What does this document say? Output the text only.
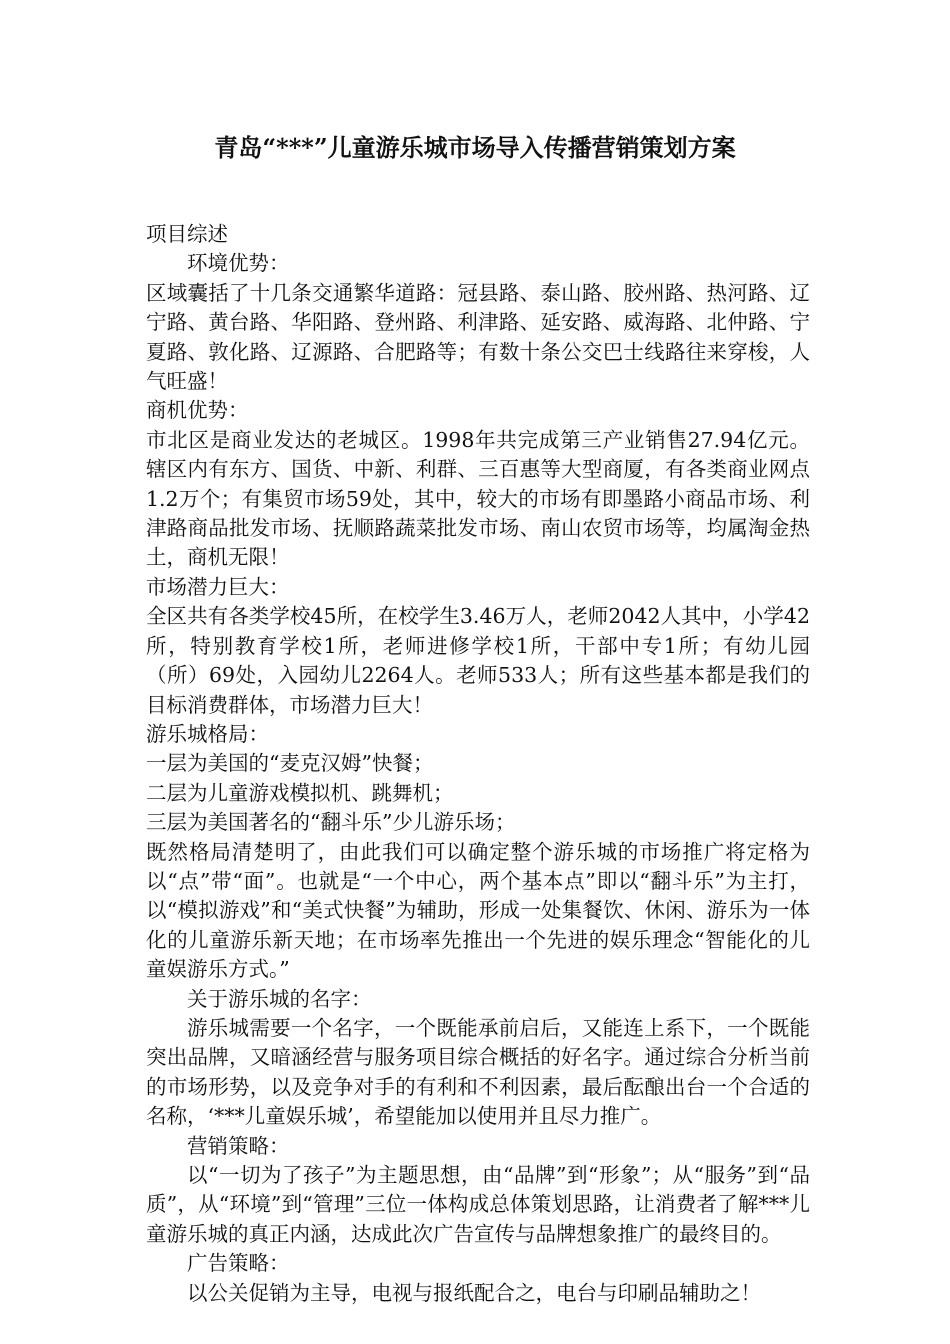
青岛“***”儿童游乐城市场导入传播营销策划方案

项目综述

环境优势：

区域囊括了十几条交通繁华道路：冠县路、泰山路、胶州路、热河路、辽宁路、黄台路、华阳路、登州路、利津路、延安路、威海路、北仲路、宁夏路、敦化路、辽源路、合肥路等；有数十条公交巴士线路往来穿梭，人气旺盛！

商机优势：

市北区是商业发达的老城区。1998年共完成第三产业销售27.94亿元。辖区内有东方、国货、中新、利群、三百惠等大型商厦，有各类商业网点1.2万个；有集贸市场59处，其中，较大的市场有即墨路小商品市场、利津路商品批发市场、抚顺路蔬菜批发市场、南山农贸市场等，均属淘金热土，商机无限！

市场潜力巨大：

全区共有各类学校45所，在校学生3.46万人，老师2042人其中，小学42所，特别教育学校1所，老师进修学校1所，干部中专1所；有幼儿园（所）69处，入园幼儿2264人。老师533人；所有这些基本都是我们的目标消费群体，市场潜力巨大！

游乐城格局：

一层为美国的“麦克汉姆”快餐；

二层为儿童游戏模拟机、跳舞机；

三层为美国著名的“翻斗乐”少儿游乐场；

既然格局清楚明了，由此我们可以确定整个游乐城的市场推广将定格为以“点”带“面”。也就是“一个中心，两个基本点”即以“翻斗乐”为主打，以“模拟游戏”和“美式快餐”为辅助，形成一处集餐饮、休闲、游乐为一体化的儿童游乐新天地；在市场率先推出一个先进的娱乐理念“智能化的儿童娱游乐方式。”

关于游乐城的名字：

游乐城需要一个名字，一个既能承前启后，又能连上系下，一个既能突出品牌，又暗涵经营与服务项目综合概括的好名字。通过综合分析当前的市场形势，以及竞争对手的有利和不利因素，最后酝酿出台一个合适的名称，‘***儿童娱乐城’，希望能加以使用并且尽力推广。

营销策略：

以“一切为了孩子”为主题思想，由“品牌”到“形象”；从“服务”到“品质”，从“环境”到“管理”三位一体构成总体策划思路，让消费者了解***儿童游乐城的真正内涵，达成此次广告宣传与品牌想象推广的最终目的。

广告策略：

以公关促销为主导，电视与报纸配合之，电台与印刷品辅助之！
